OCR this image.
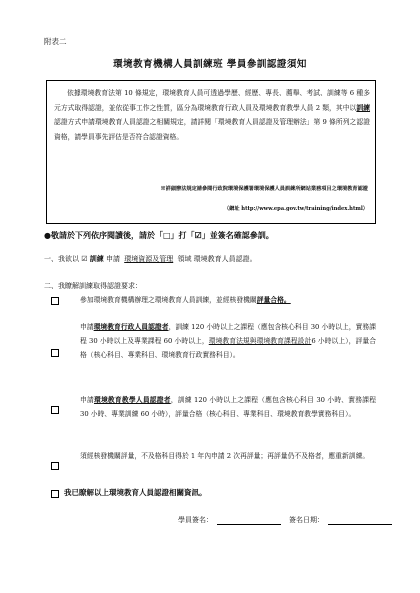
附表二
環境教育機構人員訓練班 學員參訓認證須知
依據環境教育法第 10 條規定，環境教育人員可透過學歷、經歷、專長、薦舉、考試、訓練等 6 種多元方式取得認證，並依從事工作之性質，區分為環境教育行政人員及環境教育教學人員 2 類，其中以訓練認證方式申請環境教育人員認證之相關規定，請詳閱「環境教育人員認證及管理辦法」第 9 條所列之認證資格，請學員事先評估是否符合認證資格。
※詳細辦法規定請參閱行政院環境保護署環境保護人員訓練所網站業務項目之環境教育認證
（網址 http://www.epa.gov.tw/training/index.html）
●敬請於下列依序閱讀後，請於「□」打「☑」並簽名確認參訓。
一、我欲以 ☑ 訓練 申請 環境資源及管理 領域 環境教育人員認證。
二、我瞭解訓練取得認證要求：
參加環境教育機構辦理之環境教育人員訓練，並經核發機關評量合格。
申請環境教育行政人員認證者，訓練 120 小時以上之課程（應包含核心科目 30 小時以上，實務課程 30 小時以上及專業課程 60 小時以上，環境教育法規與環境教育課程設計6 小時以上），評量合格（核心科目、專業科目、環境教育行政實務科目）。
申請環境教育教學人員認證者，訓練 120 小時以上之課程（應包含核心科目 30 小時、實務課程 30 小時、專業訓練 60 小時），評量合格（核心科目、專業科目、環境教育教學實務科目）。
須經核發機關評量，不及格科目得於 1 年內申請 2 次再評量；再評量仍不及格者，應重新訓練。
我已瞭解以上環境教育人員認證相關資訊。
學員簽名：	簽名日期：
